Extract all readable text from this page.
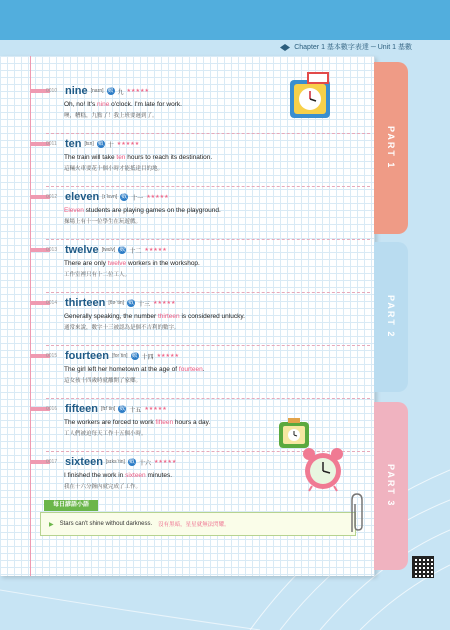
Chapter 1 基本數字表達 ─ Unit 1 基數
PART 1
PART 2
PART 3
0010 nine [naɪn] 數 九 ★★★★★
Oh, no! It's nine o'clock. I'm late for work.
噢，糟糕，九點了！我上班要遲到了。
0011 ten [tɛn] 數 十 ★★★★★
The train will take ten hours to reach its destination.
這輛火車要花十個小時才能抵達目的地。
0012 eleven [ɪˈlɛvn] 數 十一 ★★★★★
Eleven students are playing games on the playground.
操場上有十一位學生在玩遊戲。
0013 twelve [twɛlv] 數 十二 ★★★★★
There are only twelve workers in the workshop.
工作室裡只有十二位工人。
0014 thirteen [θɝˈtin] 數 十三 ★★★★★
Generally speaking, the number thirteen is considered unlucky.
通常來說，數字十三被認為是個不吉利的數字。
0015 fourteen [forˈtin] 數 十四 ★★★★★
The girl left her hometown at the age of fourteen.
這女孩十四歲時就離開了家鄉。
0016 fifteen [fɪfˈtin] 數 十五 ★★★★★
The workers are forced to work fifteen hours a day.
工人們被迫每天工作十五個小時。
0017 sixteen [sɪksˈtin] 數 十六 ★★★★★
I finished the work in sixteen minutes.
我在十六分鐘內就完成了工作。
每日諺語小語
▶ Stars can't shine without darkness. 沒有黑暗，星星就無法閃耀。
